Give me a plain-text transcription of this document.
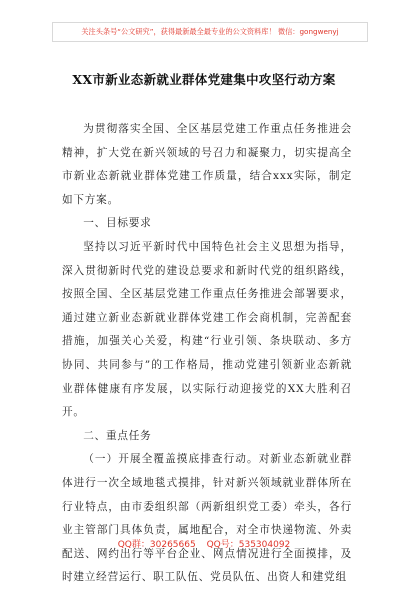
关注头条号“公文研究”，获得最新最全最专业的公文资料库！ 微信：gongwenyj
XX市新业态新就业群体党建集中攻坚行动方案

为贯彻落实全国、全区基层党建工作重点任务推进会精神，扩大党在新兴领域的号召力和凝聚力，切实提高全市新业态新就业群体党建工作质量，结合xxx实际，制定如下方案。

一、目标要求

坚持以习近平新时代中国特色社会主义思想为指导，深入贯彻新时代党的建设总要求和新时代党的组织路线，按照全国、全区基层党建工作重点任务推进会部署要求，通过建立新业态新就业群体党建工作会商机制，完善配套措施，加强关心关爱，构建“行业引领、条块联动、多方协同、共同参与”的工作格局，推动党建引领新业态新就业群体健康有序发展，以实际行动迎接党的XX大胜利召开。

二、重点任务

（一）开展全覆盖摸底排查行动。对新业态新就业群体进行一次全域地毯式摸排，针对新兴领域就业群体所在行业特点，由市委组织部（两新组织党工委）牵头，各行业主管部门具体负责，属地配合，对全市快递物流、外卖配送、网约出行等平台企业、网点情况进行全面摸排，及时建立经营运行、职工队伍、党员队伍、出资人和建党组

QQ群：30265665 QQ号：535304092
